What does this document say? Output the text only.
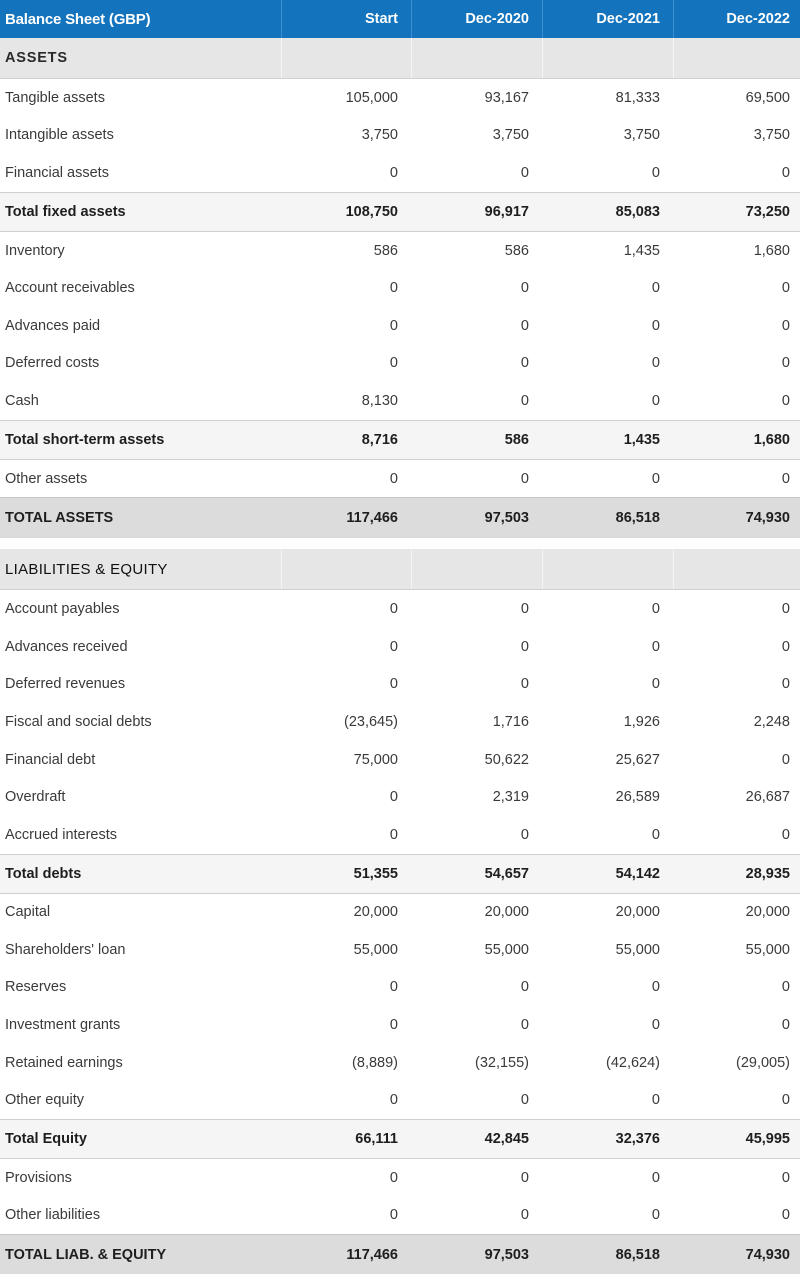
Balance Sheet (GBP)	Start	Dec-2020	Dec-2021	Dec-2022
ASSETS
Tangible assets	105,000	93,167	81,333	69,500
Intangible assets	3,750	3,750	3,750	3,750
Financial assets	0	0	0	0
Total fixed assets	108,750	96,917	85,083	73,250
Inventory	586	586	1,435	1,680
Account receivables	0	0	0	0
Advances paid	0	0	0	0
Deferred costs	0	0	0	0
Cash	8,130	0	0	0
Total short-term assets	8,716	586	1,435	1,680
Other assets	0	0	0	0
TOTAL ASSETS	117,466	97,503	86,518	74,930
LIABILITIES & EQUITY
Account payables	0	0	0	0
Advances received	0	0	0	0
Deferred revenues	0	0	0	0
Fiscal and social debts	(23,645)	1,716	1,926	2,248
Financial debt	75,000	50,622	25,627	0
Overdraft	0	2,319	26,589	26,687
Accrued interests	0	0	0	0
Total debts	51,355	54,657	54,142	28,935
Capital	20,000	20,000	20,000	20,000
Shareholders' loan	55,000	55,000	55,000	55,000
Reserves	0	0	0	0
Investment grants	0	0	0	0
Retained earnings	(8,889)	(32,155)	(42,624)	(29,005)
Other equity	0	0	0	0
Total Equity	66,111	42,845	32,376	45,995
Provisions	0	0	0	0
Other liabilities	0	0	0	0
TOTAL LIAB. & EQUITY	117,466	97,503	86,518	74,930
